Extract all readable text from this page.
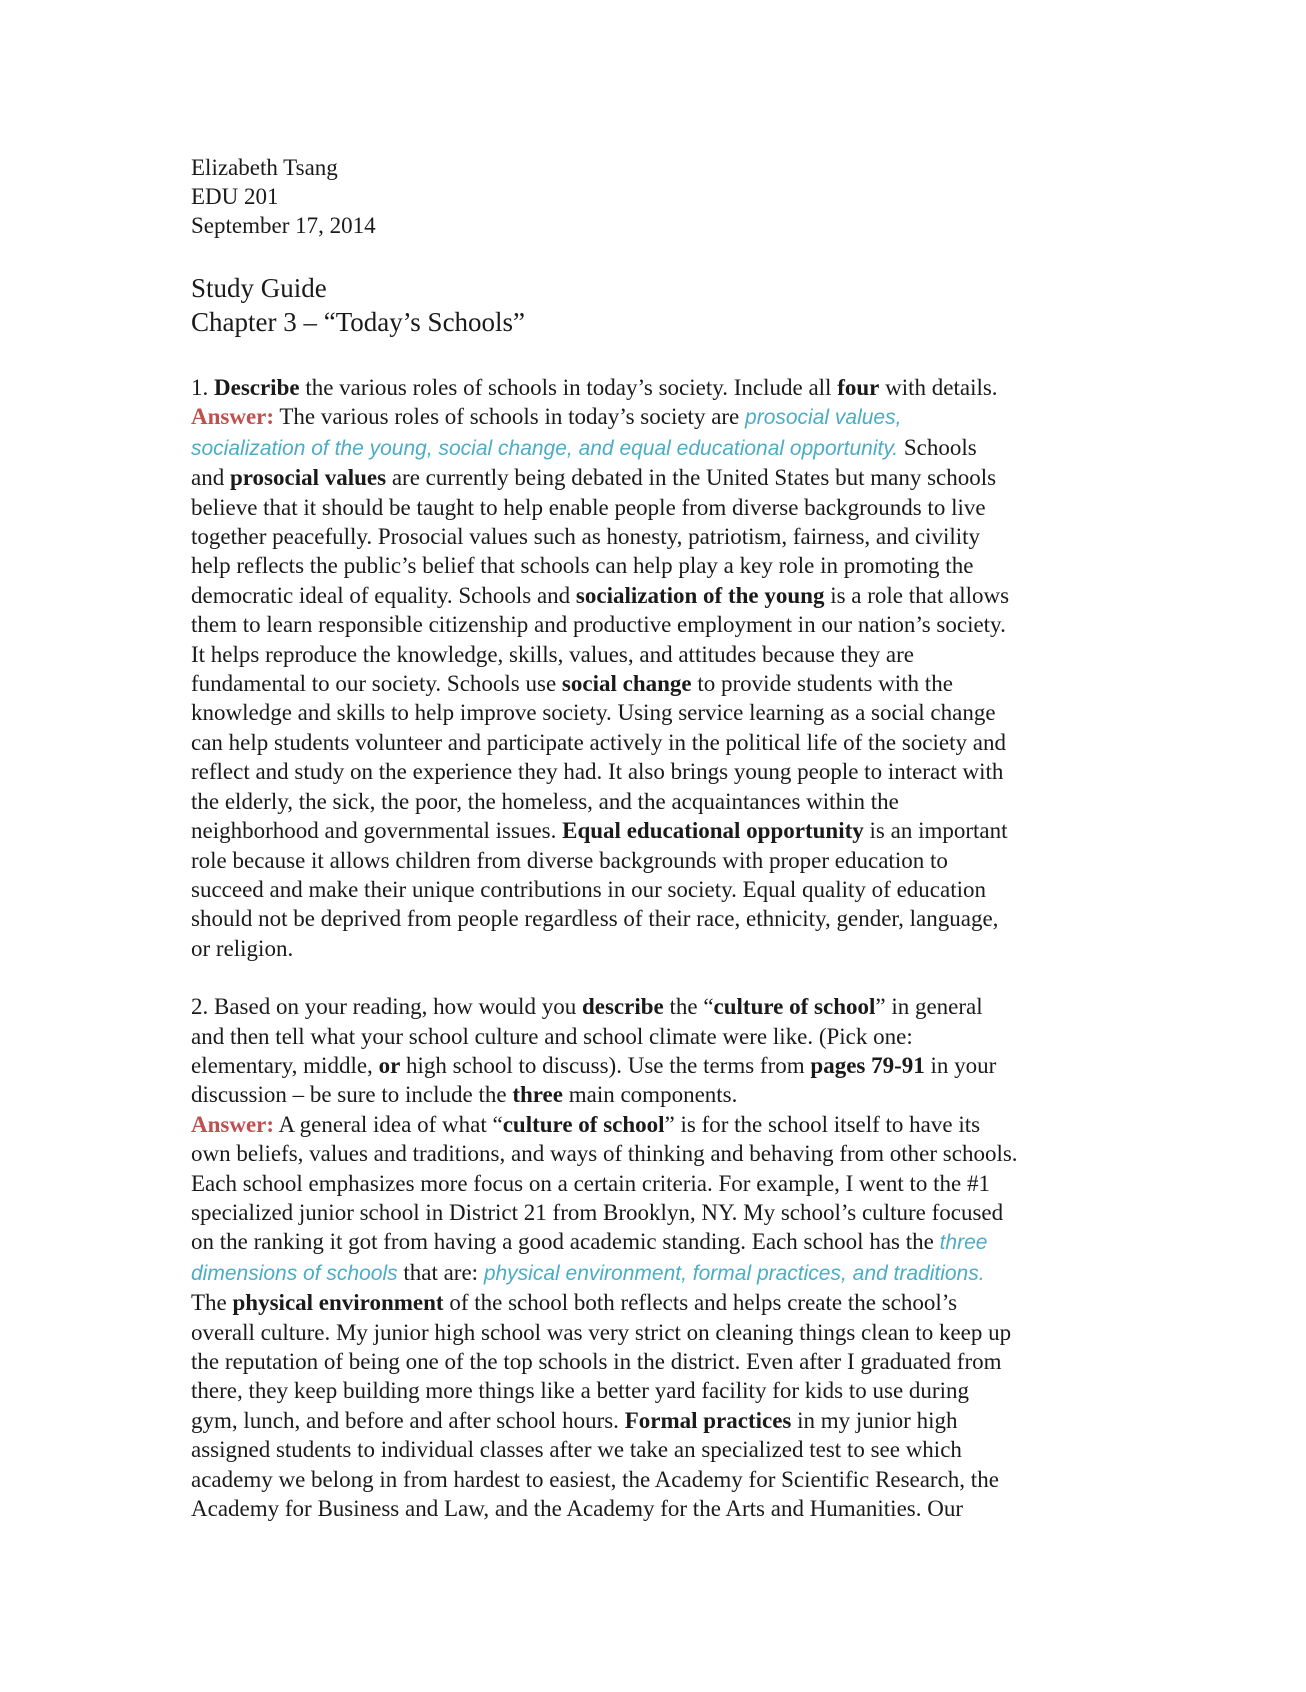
Elizabeth Tsang

EDU 201

September 17, 2014

Study Guide

Chapter 3 – “Today’s Schools”

1. Describe the various roles of schools in today’s society. Include all four with details.

Answer: The various roles of schools in today’s society are prosocial values,

socialization of the young, social change, and equal educational opportunity. Schools

and prosocial values are currently being debated in the United States but many schools

believe that it should be taught to help enable people from diverse backgrounds to live

together peacefully. Prosocial values such as honesty, patriotism, fairness, and civility

help reflects the public’s belief that schools can help play a key role in promoting the

democratic ideal of equality. Schools and socialization of the young is a role that allows

them to learn responsible citizenship and productive employment in our nation’s society.

It helps reproduce the knowledge, skills, values, and attitudes because they are

fundamental to our society. Schools use social change to provide students with the

knowledge and skills to help improve society. Using service learning as a social change

can help students volunteer and participate actively in the political life of the society and

reflect and study on the experience they had. It also brings young people to interact with

the elderly, the sick, the poor, the homeless, and the acquaintances within the

neighborhood and governmental issues. Equal educational opportunity is an important

role because it allows children from diverse backgrounds with proper education to

succeed and make their unique contributions in our society. Equal quality of education

should not be deprived from people regardless of their race, ethnicity, gender, language,

or religion.

2. Based on your reading, how would you describe the “culture of school” in general

and then tell what your school culture and school climate were like. (Pick one:

elementary, middle, or high school to discuss). Use the terms from pages 79-91 in your

discussion – be sure to include the three main components.

Answer: A general idea of what “culture of school” is for the school itself to have its

own beliefs, values and traditions, and ways of thinking and behaving from other schools.

Each school emphasizes more focus on a certain criteria. For example, I went to the #1

specialized junior school in District 21 from Brooklyn, NY. My school’s culture focused

on the ranking it got from having a good academic standing. Each school has the three

dimensions of schools that are: physical environment, formal practices, and traditions.

The physical environment of the school both reflects and helps create the school’s

overall culture. My junior high school was very strict on cleaning things clean to keep up

the reputation of being one of the top schools in the district. Even after I graduated from

there, they keep building more things like a better yard facility for kids to use during

gym, lunch, and before and after school hours. Formal practices in my junior high

assigned students to individual classes after we take an specialized test to see which

academy we belong in from hardest to easiest, the Academy for Scientific Research, the

Academy for Business and Law, and the Academy for the Arts and Humanities. Our
